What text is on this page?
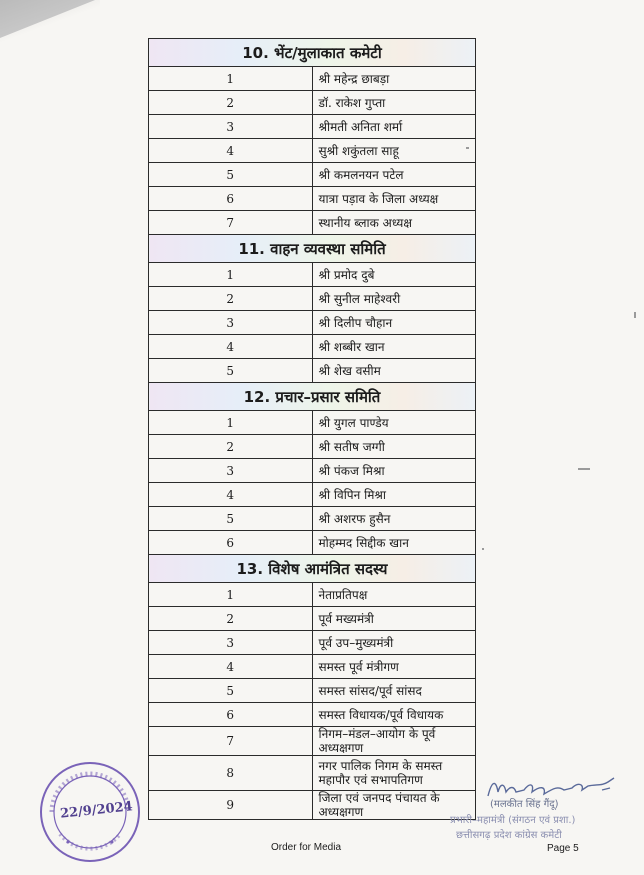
10. भेंट/मुलाकात कमेटी	
1	श्री महेन्द्र छाबड़ा
2	डॉ. राकेश गुप्ता
3	श्रीमती अनिता शर्मा
4	सुश्री शकुंतला साहू
5	श्री कमलनयन पटेल
6	यात्रा पड़ाव के जिला अध्यक्ष
7	स्थानीय ब्लाक अध्यक्ष
11. वाहन व्यवस्था समिति	
1	श्री प्रमोद दुबे
2	श्री सुनील माहेश्वरी
3	श्री दिलीप चौहान
4	श्री शब्बीर खान
5	श्री शेख वसीम
12. प्रचार–प्रसार समिति	
1	श्री युगल पाण्डेय
2	श्री सतीष जग्गी
3	श्री पंकज मिश्रा
4	श्री विपिन मिश्रा
5	श्री अशरफ हुसैन
6	मोहम्मद सिद्दीक खान
13. विशेष आमंत्रित सदस्य	
1	नेताप्रतिपक्ष
2	पूर्व मख्यमंत्री
3	पूर्व उप–मुख्यमंत्री
4	समस्त पूर्व मंत्रीगण
5	समस्त सांसद/पूर्व सांसद
6	समस्त विधायक/पूर्व विधायक
7	निगम–मंडल–आयोग के पूर्व अध्यक्षगण
8	नगर पालिक निगम के समस्त महापौर एवं सभापतिगण
9	जिला एवं जनपद पंचायत के अध्यक्षगण
22/9/2024	(मलकीत सिंह गैंदू)
प्रभारी–महामंत्री (संगठन एवं प्रशा.)
छत्तीसगढ़ प्रदेश कांग्रेस कमेटी
Order for Media	Page 5
